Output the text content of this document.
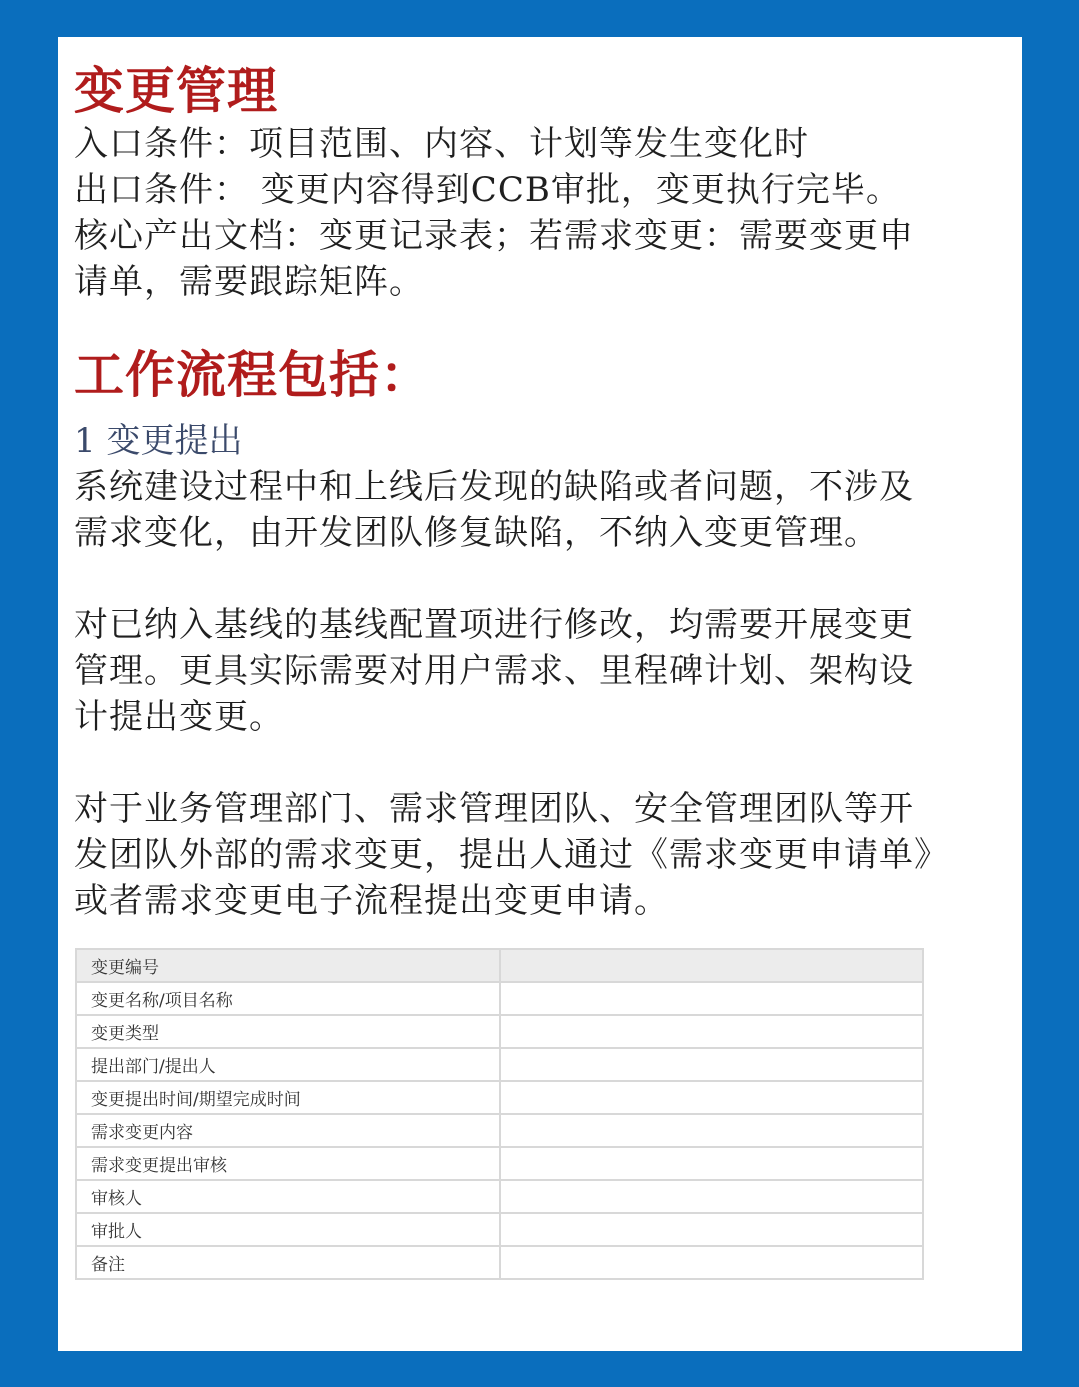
变更管理

入口条件：项目范围、内容、计划等发生变化时

出口条件： 变更内容得到CCB审批，变更执行完毕。

核心产出文档：变更记录表；若需求变更：需要变更申

请单，需要跟踪矩阵。

工作流程包括：

1 变更提出

系统建设过程中和上线后发现的缺陷或者问题，不涉及
需求变化，由开发团队修复缺陷，不纳入变更管理。
对已纳入基线的基线配置项进行修改，均需要开展变更
管理。更具实际需要对用户需求、里程碑计划、架构设
计提出变更。
对于业务管理部门、需求管理团队、安全管理团队等开
发团队外部的需求变更，提出人通过《需求变更申请单》
或者需求变更电子流程提出变更申请。
变更编号	
变更名称/项目名称	
变更类型	
提出部门/提出人	
变更提出时间/期望完成时间	
需求变更内容	
需求变更提出审核	
审核人	
审批人	
备注	
